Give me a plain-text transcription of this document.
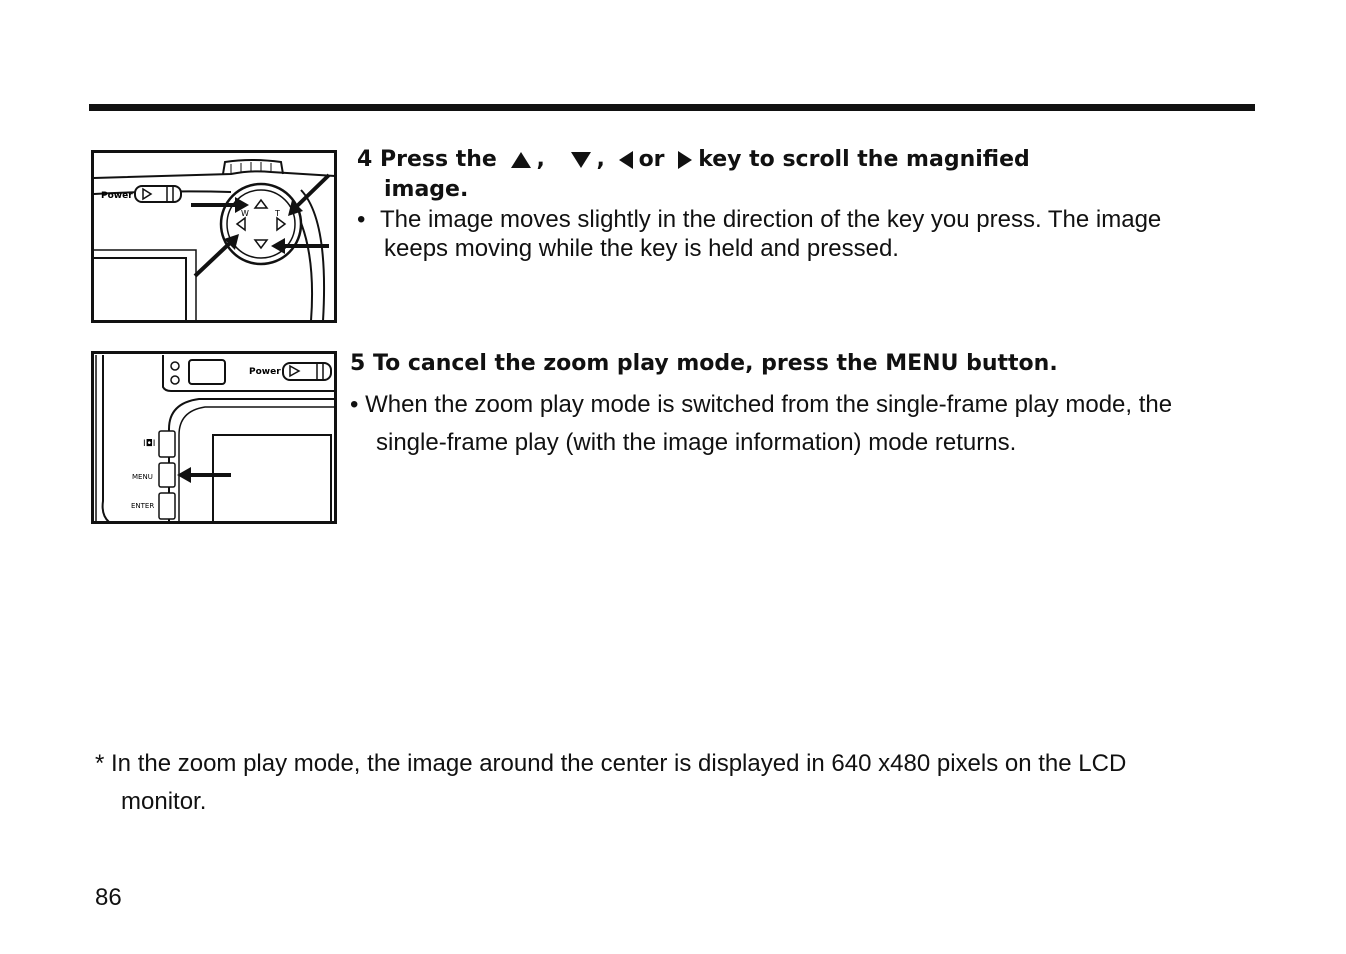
Power
W	T
4 Press the , , or key to scroll the magnified
image.
• The image moves slightly in the direction of the key you press. The image
keeps moving while the key is held and pressed.
Power
I◘I
MENU
ENTER
5 To cancel the zoom play mode, press the MENU button.
• When the zoom play mode is switched from the single-frame play mode, the
single-frame play (with the image information) mode returns.
* In the zoom play mode, the image around the center is displayed in 640 x480 pixels on the LCD
monitor.
86
